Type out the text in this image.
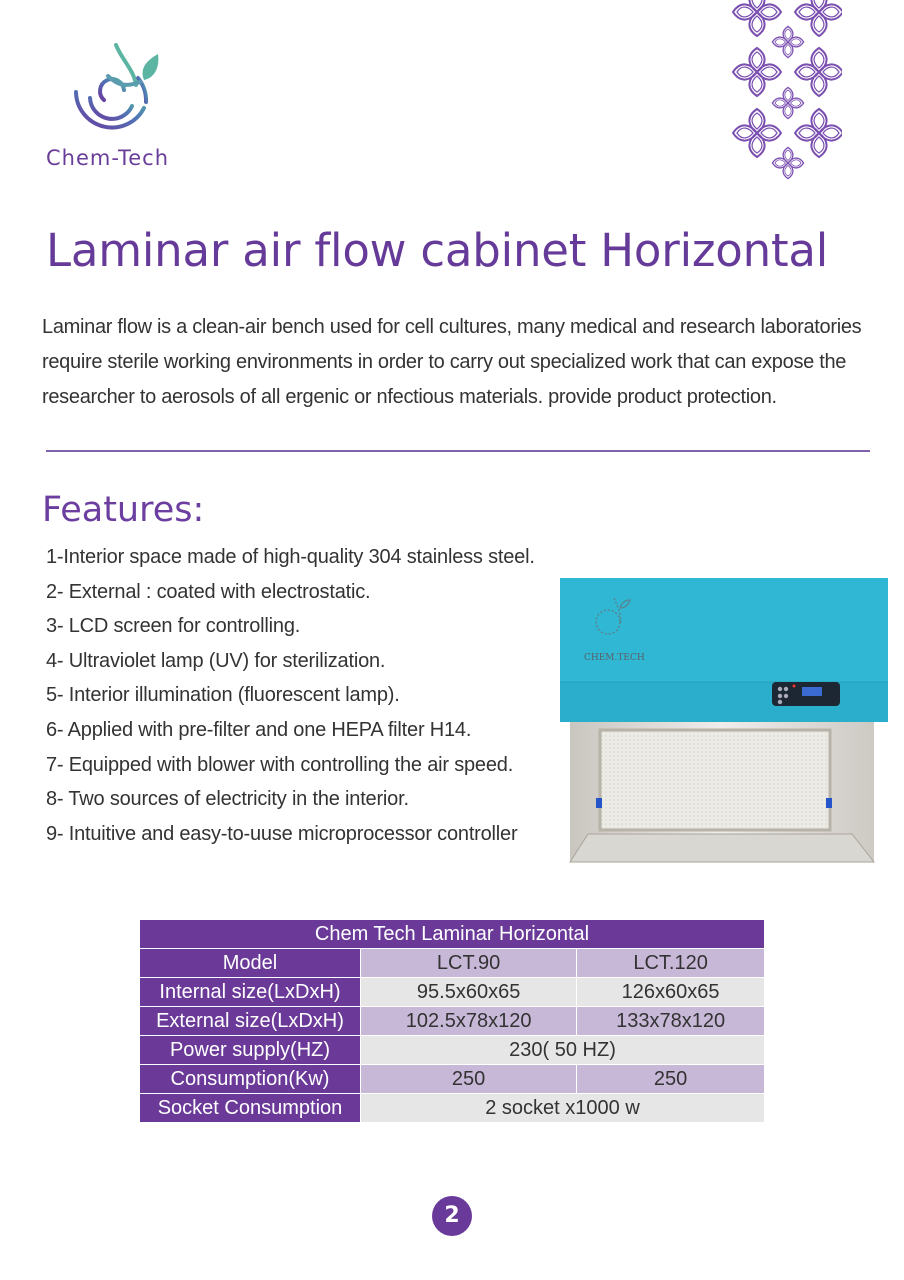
Chem-Tech
Laminar air flow cabinet Horizontal

Laminar flow is a clean-air bench used for cell cultures, many medical and research laboratories require sterile working environments in order to carry out specialized work that can expose the researcher to aerosols of all ergenic or nfectious materials. provide product protection.

Features:
1-Interior space made of high-quality 304 stainless steel.
2- External : coated with electrostatic.
3- LCD screen for controlling.
4- Ultraviolet lamp (UV) for sterilization.
5- Interior illumination (fluorescent lamp).
6- Applied with pre-filter and one HEPA filter H14.
7- Equipped with blower with controlling the air speed.
8- Two sources of electricity in the interior.
9- Intuitive and easy-to-uuse microprocessor controller
CHEM.TECH
Chem Tech Laminar Horizontal		
Model	LCT.90	LCT.120
Internal size(LxDxH)	95.5x60x65	126x60x65
External size(LxDxH)	102.5x78x120	133x78x120
Power supply(HZ)	230( 50 HZ)	
Consumption(Kw)	250	250
Socket Consumption	2 socket x1000 w	
2
